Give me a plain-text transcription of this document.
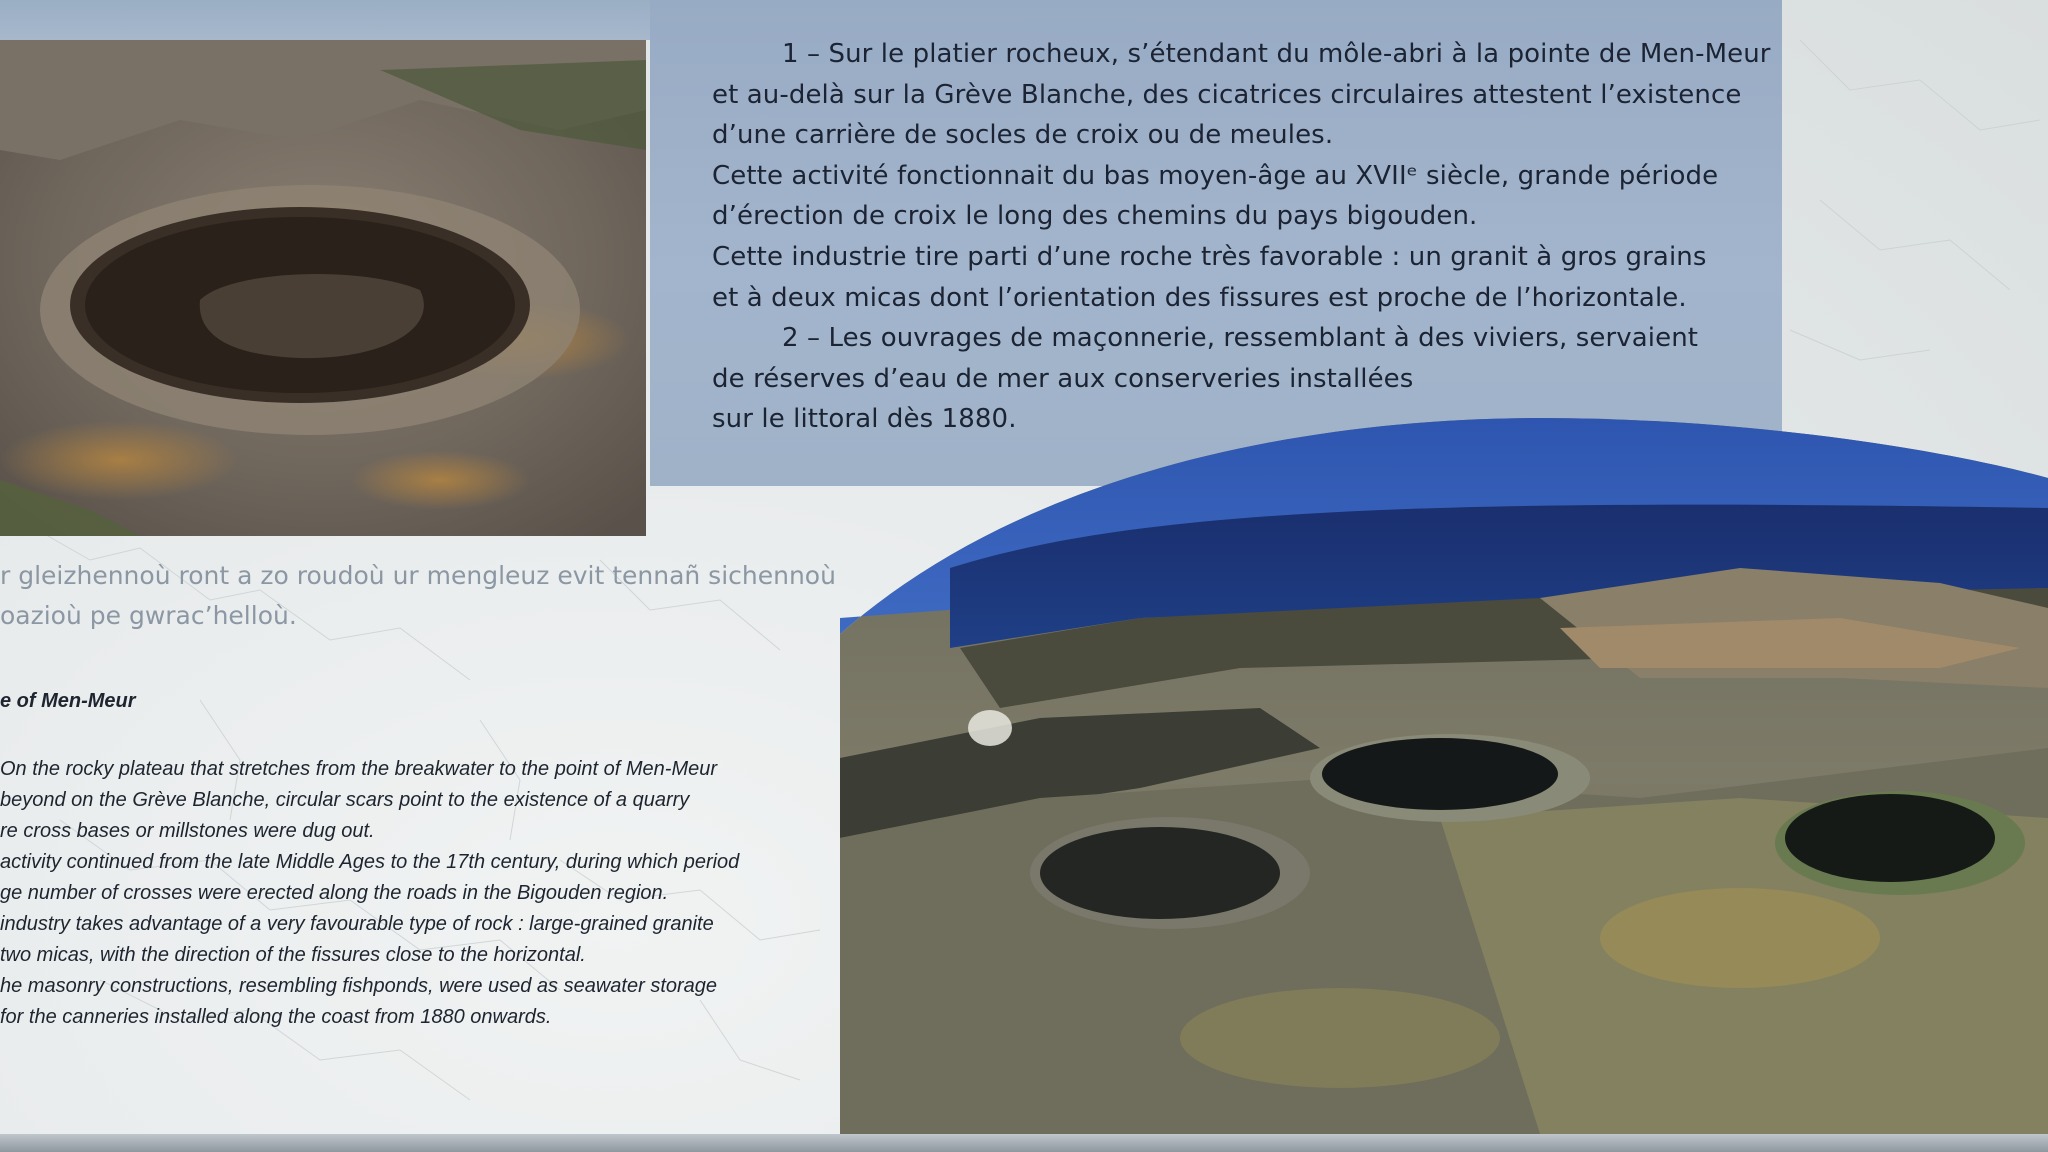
1 – Sur le platier rocheux, s’étendant du môle-abri à la pointe de Men-Meur

et au-delà sur la Grève Blanche, des cicatrices circulaires attestent l’existence

d’une carrière de socles de croix ou de meules.

Cette activité fonctionnait du bas moyen-âge au XVIIᵉ siècle, grande période

d’érection de croix le long des chemins du pays bigouden.

Cette industrie tire parti d’une roche très favorable : un granit à gros grains

et à deux micas dont l’orientation des fissures est proche de l’horizontale.

2 – Les ouvrages de maçonnerie, ressemblant à des viviers, servaient

de réserves d’eau de mer aux conserveries installées

sur le littoral dès 1880.

r gleizhennoù ront a zo roudoù ur mengleuz evit tennañ sichennoù

oazioù pe gwrac’helloù.

e of Men-Meur

On the rocky plateau that stretches from the breakwater to the point of Men-Meur

beyond on the Grève Blanche, circular scars point to the existence of a quarry

re cross bases or millstones were dug out.

activity continued from the late Middle Ages to the 17th century, during which period

ge number of crosses were erected along the roads in the Bigouden region.

industry takes advantage of a very favourable type of rock : large-grained granite

two micas, with the direction of the fissures close to the horizontal.

he masonry constructions, resembling fishponds, were used as seawater storage

for the canneries installed along the coast from 1880 onwards.
